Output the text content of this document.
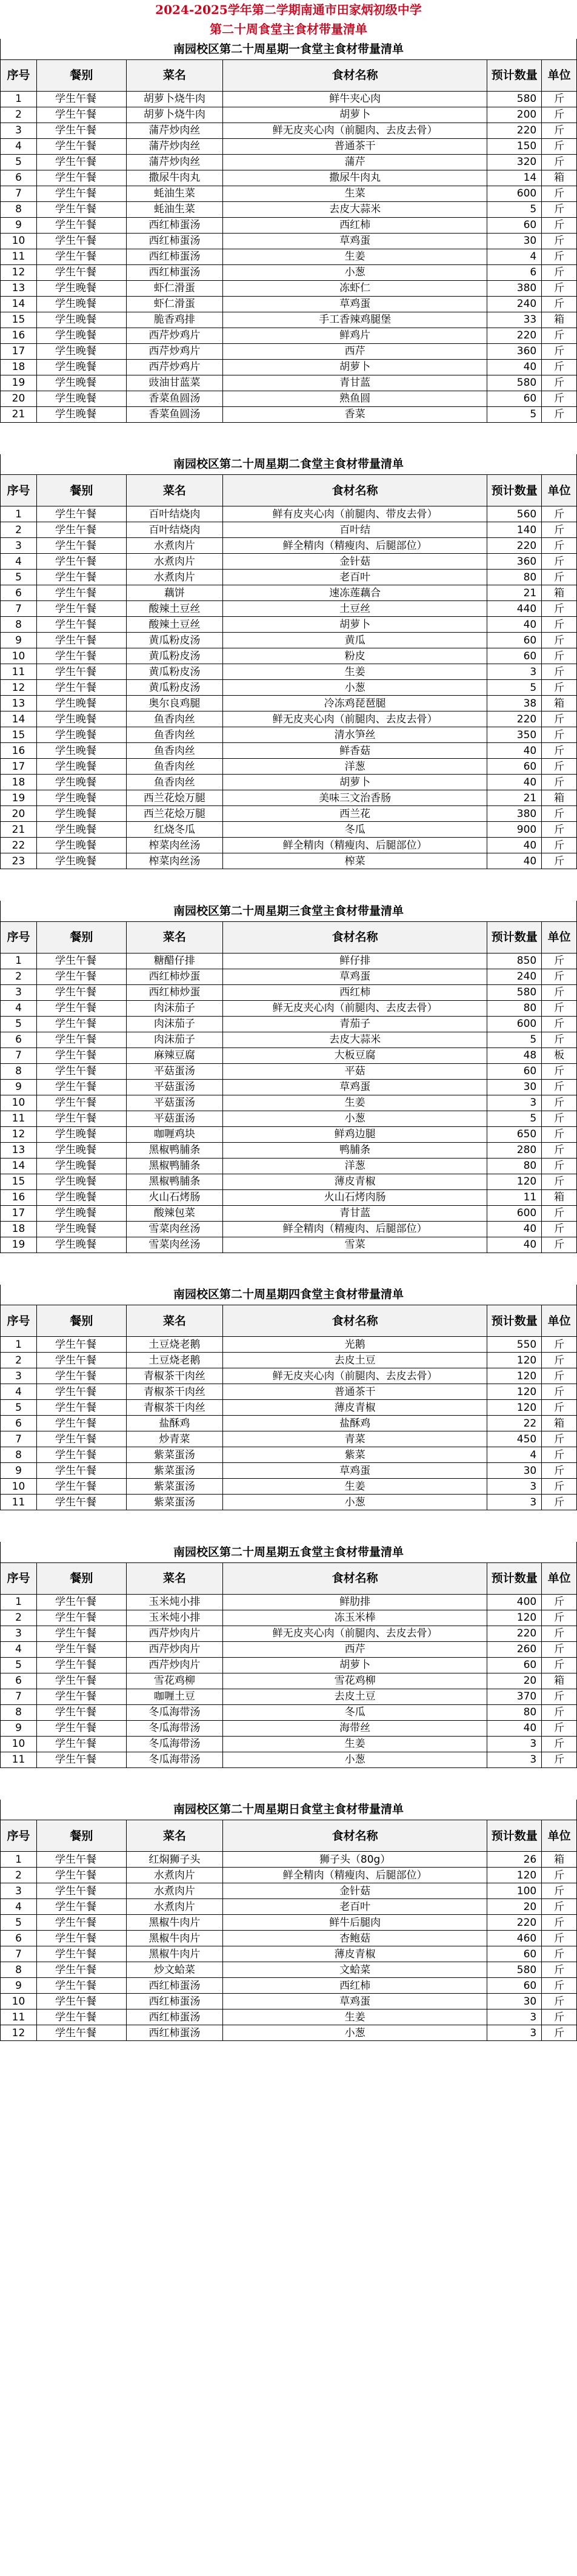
2024-2025学年第二学期南通市田家炳初级中学
第二十周食堂主食材带量清单
南园校区第二十周星期一食堂主食材带量清单					
序号	餐别	菜名	食材名称	预计数量	单位
1	学生午餐	胡萝卜烧牛肉	鲜牛夹心肉	580	斤
2	学生午餐	胡萝卜烧牛肉	胡萝卜	200	斤
3	学生午餐	蒲芹炒肉丝	鲜无皮夹心肉（前腿肉、去皮去骨）	220	斤
4	学生午餐	蒲芹炒肉丝	普通茶干	150	斤
5	学生午餐	蒲芹炒肉丝	蒲芹	320	斤
6	学生午餐	撒尿牛肉丸	撒尿牛肉丸	14	箱
7	学生午餐	蚝油生菜	生菜	600	斤
8	学生午餐	蚝油生菜	去皮大蒜米	5	斤
9	学生午餐	西红柿蛋汤	西红柿	60	斤
10	学生午餐	西红柿蛋汤	草鸡蛋	30	斤
11	学生午餐	西红柿蛋汤	生姜	4	斤
12	学生午餐	西红柿蛋汤	小葱	6	斤
13	学生晚餐	虾仁滑蛋	冻虾仁	380	斤
14	学生晚餐	虾仁滑蛋	草鸡蛋	240	斤
15	学生晚餐	脆香鸡排	手工香辣鸡腿堡	33	箱
16	学生晚餐	西芹炒鸡片	鲜鸡片	220	斤
17	学生晚餐	西芹炒鸡片	西芹	360	斤
18	学生晚餐	西芹炒鸡片	胡萝卜	40	斤
19	学生晚餐	豉油甘蓝菜	青甘蓝	580	斤
20	学生晚餐	香菜鱼圆汤	熟鱼圆	60	斤
21	学生晚餐	香菜鱼圆汤	香菜	5	斤
南园校区第二十周星期二食堂主食材带量清单					
序号	餐别	菜名	食材名称	预计数量	单位
1	学生午餐	百叶结烧肉	鲜有皮夹心肉（前腿肉、带皮去骨）	560	斤
2	学生午餐	百叶结烧肉	百叶结	140	斤
3	学生午餐	水煮肉片	鲜全精肉（精瘦肉、后腿部位）	220	斤
4	学生午餐	水煮肉片	金针菇	360	斤
5	学生午餐	水煮肉片	老百叶	80	斤
6	学生午餐	藕饼	速冻莲藕合	21	箱
7	学生午餐	酸辣土豆丝	土豆丝	440	斤
8	学生午餐	酸辣土豆丝	胡萝卜	40	斤
9	学生午餐	黄瓜粉皮汤	黄瓜	60	斤
10	学生午餐	黄瓜粉皮汤	粉皮	60	斤
11	学生午餐	黄瓜粉皮汤	生姜	3	斤
12	学生午餐	黄瓜粉皮汤	小葱	5	斤
13	学生晚餐	奥尔良鸡腿	冷冻鸡琵琶腿	38	箱
14	学生晚餐	鱼香肉丝	鲜无皮夹心肉（前腿肉、去皮去骨）	220	斤
15	学生晚餐	鱼香肉丝	清水笋丝	350	斤
16	学生晚餐	鱼香肉丝	鲜香菇	40	斤
17	学生晚餐	鱼香肉丝	洋葱	60	斤
18	学生晚餐	鱼香肉丝	胡萝卜	40	斤
19	学生晚餐	西兰花烩万腿	美味三文治香肠	21	箱
20	学生晚餐	西兰花烩万腿	西兰花	380	斤
21	学生晚餐	红烧冬瓜	冬瓜	900	斤
22	学生晚餐	榨菜肉丝汤	鲜全精肉（精瘦肉、后腿部位）	40	斤
23	学生晚餐	榨菜肉丝汤	榨菜	40	斤
南园校区第二十周星期三食堂主食材带量清单					
序号	餐别	菜名	食材名称	预计数量	单位
1	学生午餐	糖醋仔排	鲜仔排	850	斤
2	学生午餐	西红柿炒蛋	草鸡蛋	240	斤
3	学生午餐	西红柿炒蛋	西红柿	580	斤
4	学生午餐	肉沫茄子	鲜无皮夹心肉（前腿肉、去皮去骨）	80	斤
5	学生午餐	肉沫茄子	青茄子	600	斤
6	学生午餐	肉沫茄子	去皮大蒜米	5	斤
7	学生午餐	麻辣豆腐	大板豆腐	48	板
8	学生午餐	平菇蛋汤	平菇	60	斤
9	学生午餐	平菇蛋汤	草鸡蛋	30	斤
10	学生午餐	平菇蛋汤	生姜	3	斤
11	学生午餐	平菇蛋汤	小葱	5	斤
12	学生晚餐	咖喱鸡块	鲜鸡边腿	650	斤
13	学生晚餐	黑椒鸭脯条	鸭脯条	280	斤
14	学生晚餐	黑椒鸭脯条	洋葱	80	斤
15	学生晚餐	黑椒鸭脯条	薄皮青椒	120	斤
16	学生晚餐	火山石烤肠	火山石烤肉肠	11	箱
17	学生晚餐	酸辣包菜	青甘蓝	600	斤
18	学生晚餐	雪菜肉丝汤	鲜全精肉（精瘦肉、后腿部位）	40	斤
19	学生晚餐	雪菜肉丝汤	雪菜	40	斤
南园校区第二十周星期四食堂主食材带量清单					
序号	餐别	菜名	食材名称	预计数量	单位
1	学生午餐	土豆烧老鹅	光鹅	550	斤
2	学生午餐	土豆烧老鹅	去皮土豆	120	斤
3	学生午餐	青椒茶干肉丝	鲜无皮夹心肉（前腿肉、去皮去骨）	120	斤
4	学生午餐	青椒茶干肉丝	普通茶干	120	斤
5	学生午餐	青椒茶干肉丝	薄皮青椒	120	斤
6	学生午餐	盐酥鸡	盐酥鸡	22	箱
7	学生午餐	炒青菜	青菜	450	斤
8	学生午餐	紫菜蛋汤	紫菜	4	斤
9	学生午餐	紫菜蛋汤	草鸡蛋	30	斤
10	学生午餐	紫菜蛋汤	生姜	3	斤
11	学生午餐	紫菜蛋汤	小葱	3	斤
南园校区第二十周星期五食堂主食材带量清单					
序号	餐别	菜名	食材名称	预计数量	单位
1	学生午餐	玉米炖小排	鲜肋排	400	斤
2	学生午餐	玉米炖小排	冻玉米棒	120	斤
3	学生午餐	西芹炒肉片	鲜无皮夹心肉（前腿肉、去皮去骨）	220	斤
4	学生午餐	西芹炒肉片	西芹	260	斤
5	学生午餐	西芹炒肉片	胡萝卜	60	斤
6	学生午餐	雪花鸡柳	雪花鸡柳	20	箱
7	学生午餐	咖喱土豆	去皮土豆	370	斤
8	学生午餐	冬瓜海带汤	冬瓜	80	斤
9	学生午餐	冬瓜海带汤	海带丝	40	斤
10	学生午餐	冬瓜海带汤	生姜	3	斤
11	学生午餐	冬瓜海带汤	小葱	3	斤
南园校区第二十周星期日食堂主食材带量清单					
序号	餐别	菜名	食材名称	预计数量	单位
1	学生午餐	红焖狮子头	狮子头（80g）	26	箱
2	学生午餐	水煮肉片	鲜全精肉（精瘦肉、后腿部位）	120	斤
3	学生午餐	水煮肉片	金针菇	100	斤
4	学生午餐	水煮肉片	老百叶	20	斤
5	学生午餐	黑椒牛肉片	鲜牛后腿肉	220	斤
6	学生午餐	黑椒牛肉片	杏鲍菇	460	斤
7	学生午餐	黑椒牛肉片	薄皮青椒	60	斤
8	学生午餐	炒文蛤菜	文蛤菜	580	斤
9	学生午餐	西红柿蛋汤	西红柿	60	斤
10	学生午餐	西红柿蛋汤	草鸡蛋	30	斤
11	学生午餐	西红柿蛋汤	生姜	3	斤
12	学生午餐	西红柿蛋汤	小葱	3	斤
